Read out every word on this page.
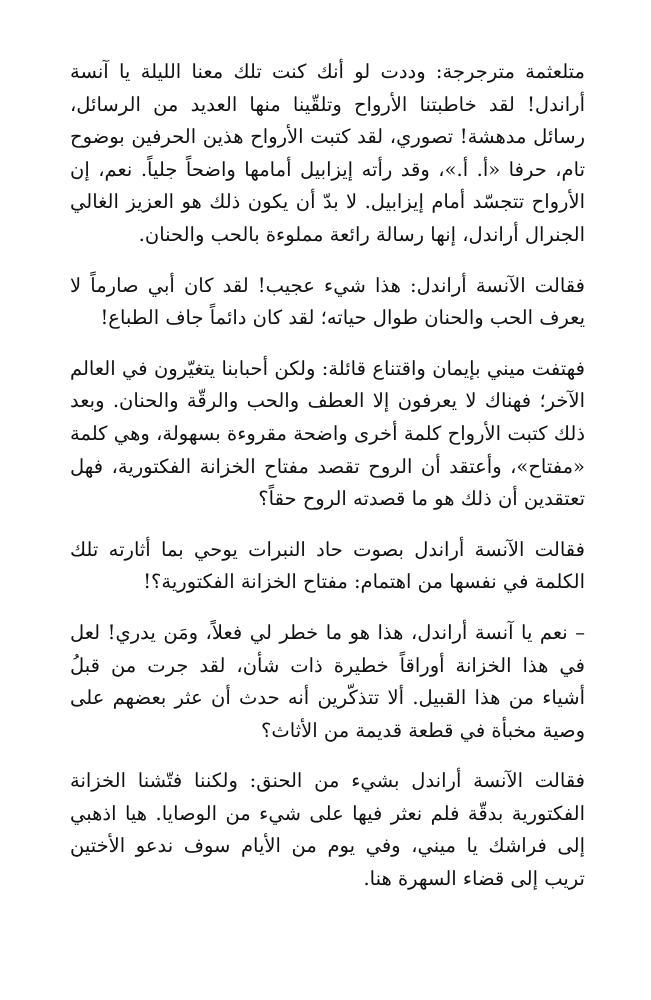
متلعثمة مترجرجة: وددت لو أنك كنت تلك معنا الليلة يا آنسة أراندل! لقد خاطبتنا الأرواح وتلقّينا منها العديد من الرسائل، رسائل مدهشة! تصوري، لقد كتبت الأرواح هذين الحرفين بوضوح تام، حرفا «أ. أ.»، وقد رأته إيزابيل أمامها واضحاً جلياً. نعم، إن الأرواح تتجسّد أمام إيزابيل. لا بدّ أن يكون ذلك هو العزيز الغالي الجنرال أراندل، إنها رسالة رائعة مملوءة بالحب والحنان.

فقالت الآنسة أراندل: هذا شيء عجيب! لقد كان أبي صارماً لا يعرف الحب والحنان طوال حياته؛ لقد كان دائماً جاف الطباع!

فهتفت ميني بإيمان واقتناع قائلة: ولكن أحبابنا يتغيّرون في العالم الآخر؛ فهناك لا يعرفون إلا العطف والحب والرقّة والحنان. وبعد ذلك كتبت الأرواح كلمة أخرى واضحة مقروءة بسهولة، وهي كلمة «مفتاح»، وأعتقد أن الروح تقصد مفتاح الخزانة الفكتورية، فهل تعتقدين أن ذلك هو ما قصدته الروح حقاً؟

فقالت الآنسة أراندل بصوت حاد النبرات يوحي بما أثارته تلك الكلمة في نفسها من اهتمام: مفتاح الخزانة الفكتورية؟!

– نعم يا آنسة أراندل، هذا هو ما خطر لي فعلاً، ومَن يدري! لعل في هذا الخزانة أوراقاً خطيرة ذات شأن، لقد جرت من قبلُ أشياء من هذا القبيل. ألا تتذكّرين أنه حدث أن عثر بعضهم على وصية مخبأة في قطعة قديمة من الأثاث؟

فقالت الآنسة أراندل بشيء من الحنق: ولكننا فتّشنا الخزانة الفكتورية بدقّة فلم نعثر فيها على شيء من الوصايا. هيا اذهبي إلى فراشك يا ميني، وفي يوم من الأيام سوف ندعو الأختين تريب إلى قضاء السهرة هنا.
